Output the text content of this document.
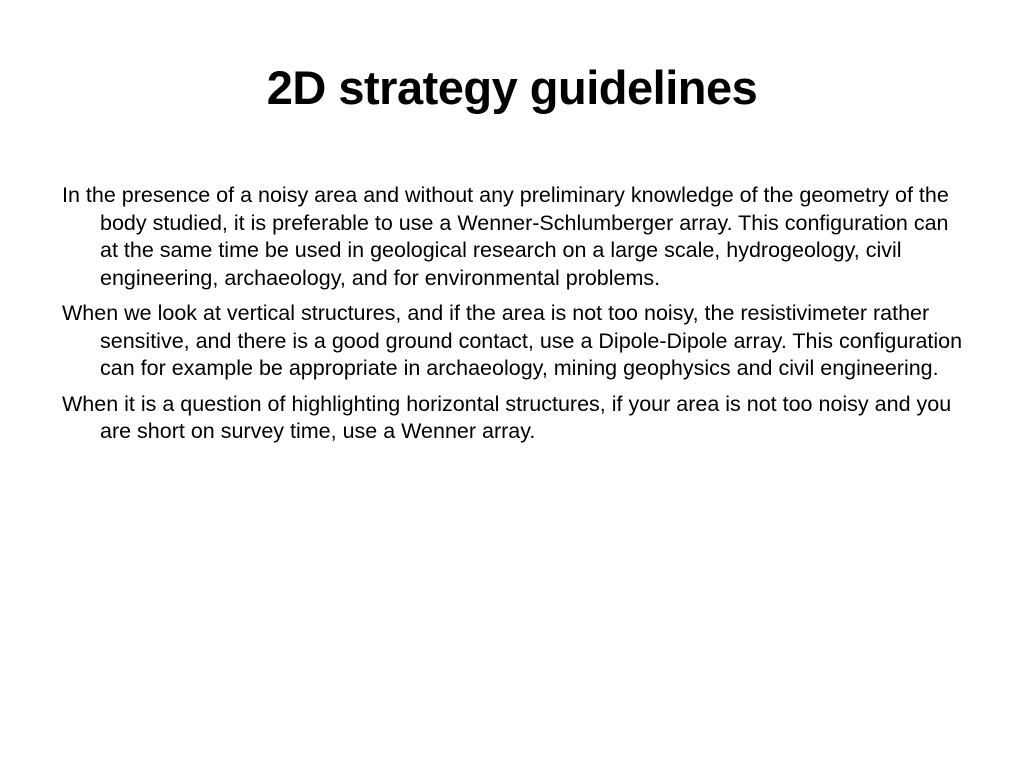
2D strategy guidelines
In the presence of a noisy area and without any preliminary knowledge of the geometry of the body studied, it is preferable to use a Wenner-Schlumberger array. This configuration can at the same time be used in geological research on a large scale, hydrogeology, civil engineering, archaeology, and for environmental problems.
When we look at vertical structures, and if the area is not too noisy, the resistivimeter rather sensitive, and there is a good ground contact, use a Dipole-Dipole array. This configuration can for example be appropriate in archaeology, mining geophysics and civil engineering.
When it is a question of highlighting horizontal structures, if your area is not too noisy and you are short on survey time, use a Wenner array.
